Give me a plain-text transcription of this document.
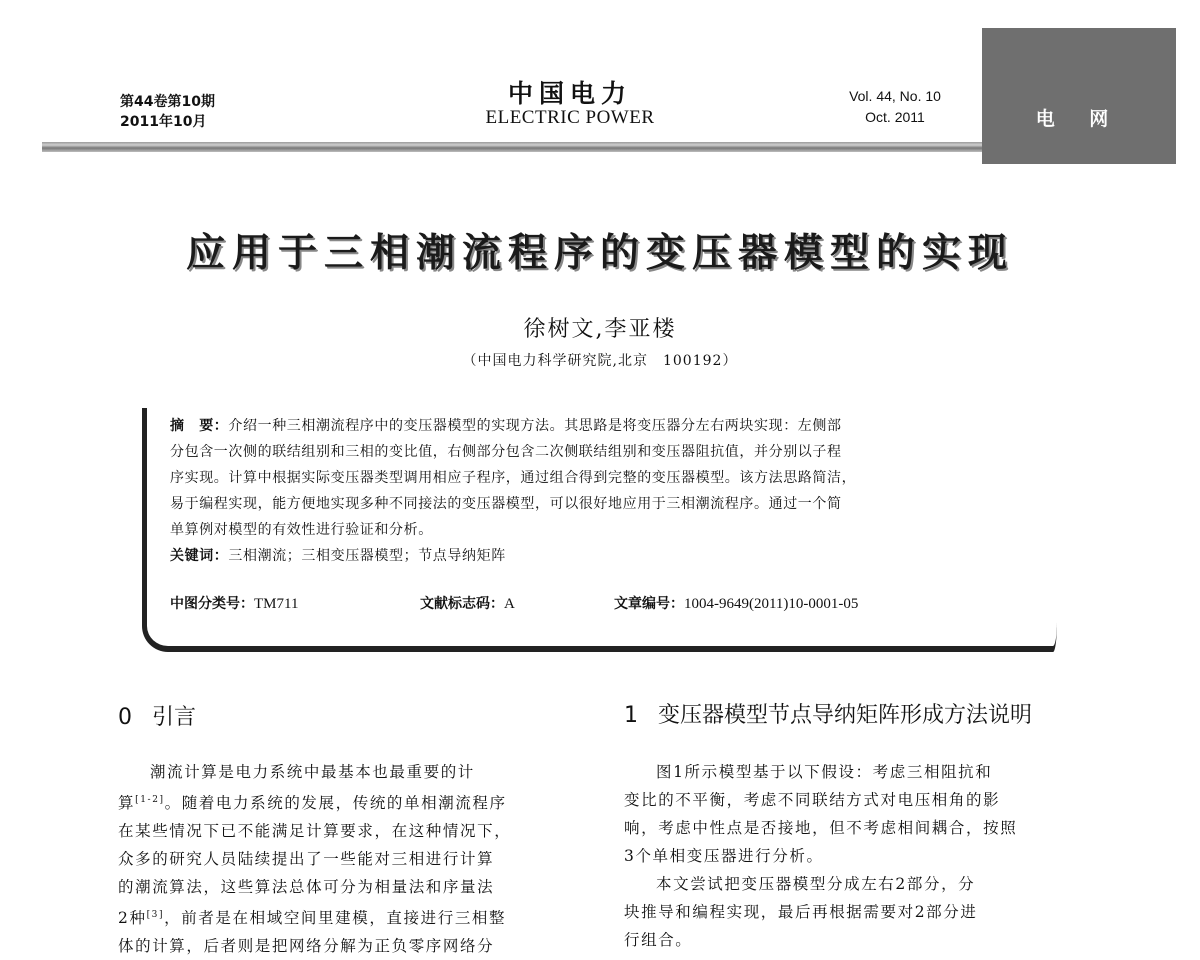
第44卷第10期
2011年10月
中国电力
ELECTRIC POWER
Vol. 44, No. 10
Oct. 2011	电 网
应用于三相潮流程序的变压器模型的实现
徐树文,李亚楼
（中国电力科学研究院,北京　100192）
摘　要：介绍一种三相潮流程序中的变压器模型的实现方法。其思路是将变压器分左右两块实现：左侧部
分包含一次侧的联结组别和三相的变比值，右侧部分包含二次侧联结组别和变压器阻抗值，并分别以子程
序实现。计算中根据实际变压器类型调用相应子程序，通过组合得到完整的变压器模型。该方法思路简洁，
易于编程实现，能方便地实现多种不同接法的变压器模型，可以很好地应用于三相潮流程序。通过一个简
单算例对模型的有效性进行验证和分析。
关键词：三相潮流；三相变压器模型；节点导纳矩阵
中图分类号：TM711	文献标志码：A	文章编号：1004-9649(2011)10-0001-05
0 引言
潮流计算是电力系统中最基本也最重要的计
算[1-2]。随着电力系统的发展，传统的单相潮流程序
在某些情况下已不能满足计算要求，在这种情况下，
众多的研究人员陆续提出了一些能对三相进行计算
的潮流算法，这些算法总体可分为相量法和序量法
2种[3]，前者是在相域空间里建模，直接进行三相整
体的计算，后者则是把网络分解为正负零序网络分
1 变压器模型节点导纳矩阵形成方法说明
图1所示模型基于以下假设：考虑三相阻抗和
变比的不平衡，考虑不同联结方式对电压相角的影
响，考虑中性点是否接地，但不考虑相间耦合，按照
3个单相变压器进行分析。
本文尝试把变压器模型分成左右2部分，分
块推导和编程实现，最后再根据需要对2部分进
行组合。
